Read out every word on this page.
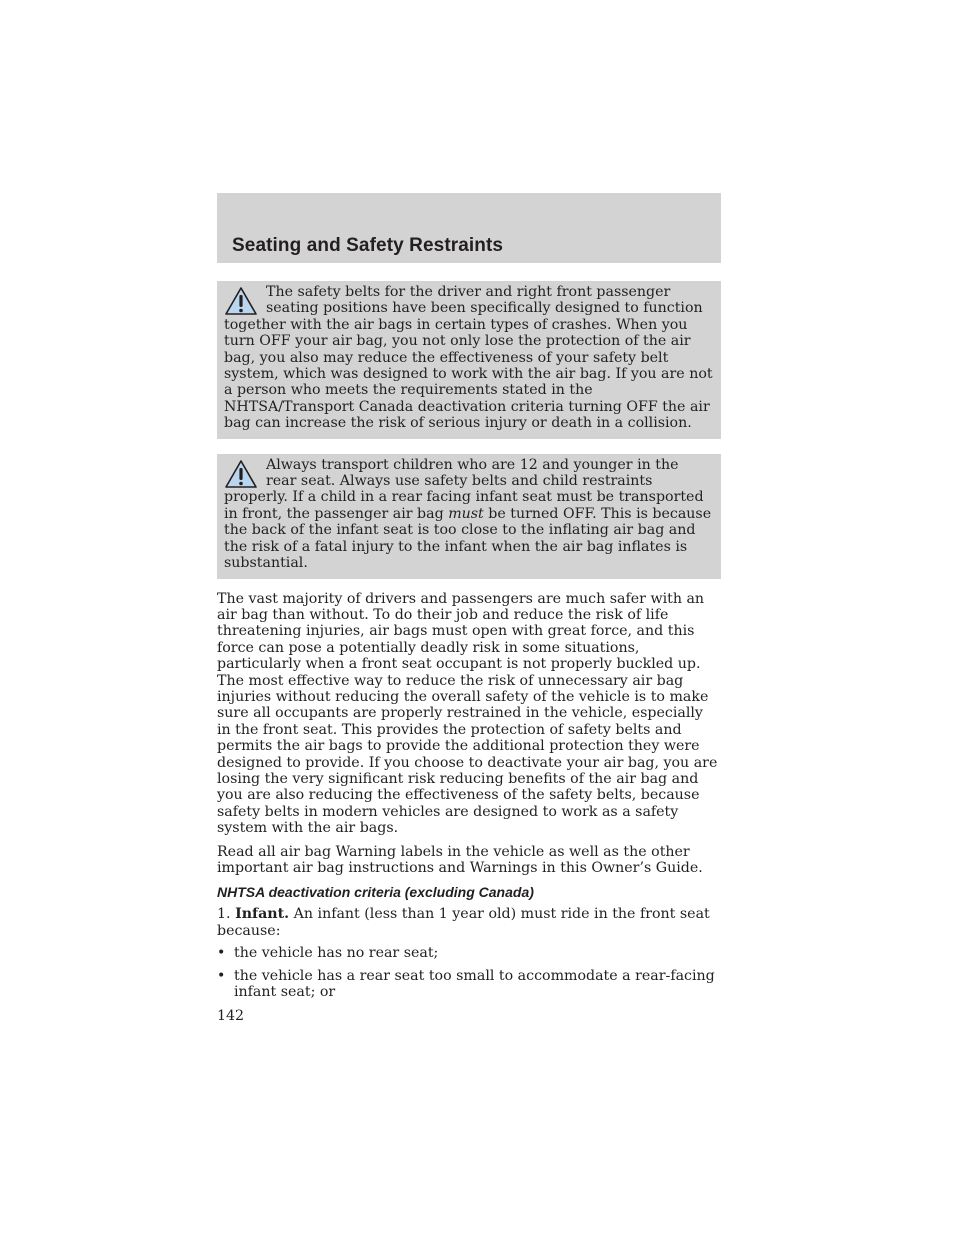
Seating and Safety Restraints

The safety belts for the driver and right front passenger seating positions have been specifically designed to function together with the air bags in certain types of crashes. When you turn OFF your air bag, you not only lose the protection of the air bag, you also may reduce the effectiveness of your safety belt system, which was designed to work with the air bag. If you are not a person who meets the requirements stated in the NHTSA/Transport Canada deactivation criteria turning OFF the air bag can increase the risk of serious injury or death in a collision.

Always transport children who are 12 and younger in the rear seat. Always use safety belts and child restraints properly. If a child in a rear facing infant seat must be transported in front, the passenger air bag must be turned OFF. This is because the back of the infant seat is too close to the inflating air bag and the risk of a fatal injury to the infant when the air bag inflates is substantial.

The vast majority of drivers and passengers are much safer with an air bag than without. To do their job and reduce the risk of life threatening injuries, air bags must open with great force, and this force can pose a potentially deadly risk in some situations, particularly when a front seat occupant is not properly buckled up. The most effective way to reduce the risk of unnecessary air bag injuries without reducing the overall safety of the vehicle is to make sure all occupants are properly restrained in the vehicle, especially in the front seat. This provides the protection of safety belts and permits the air bags to provide the additional protection they were designed to provide. If you choose to deactivate your air bag, you are losing the very significant risk reducing benefits of the air bag and you are also reducing the effectiveness of the safety belts, because safety belts in modern vehicles are designed to work as a safety system with the air bags.

Read all air bag Warning labels in the vehicle as well as the other important air bag instructions and Warnings in this Owner’s Guide.

NHTSA deactivation criteria (excluding Canada)

1. Infant. An infant (less than 1 year old) must ride in the front seat because:

• the vehicle has no rear seat;
• the vehicle has a rear seat too small to accommodate a rear-facing infant seat; or
142
